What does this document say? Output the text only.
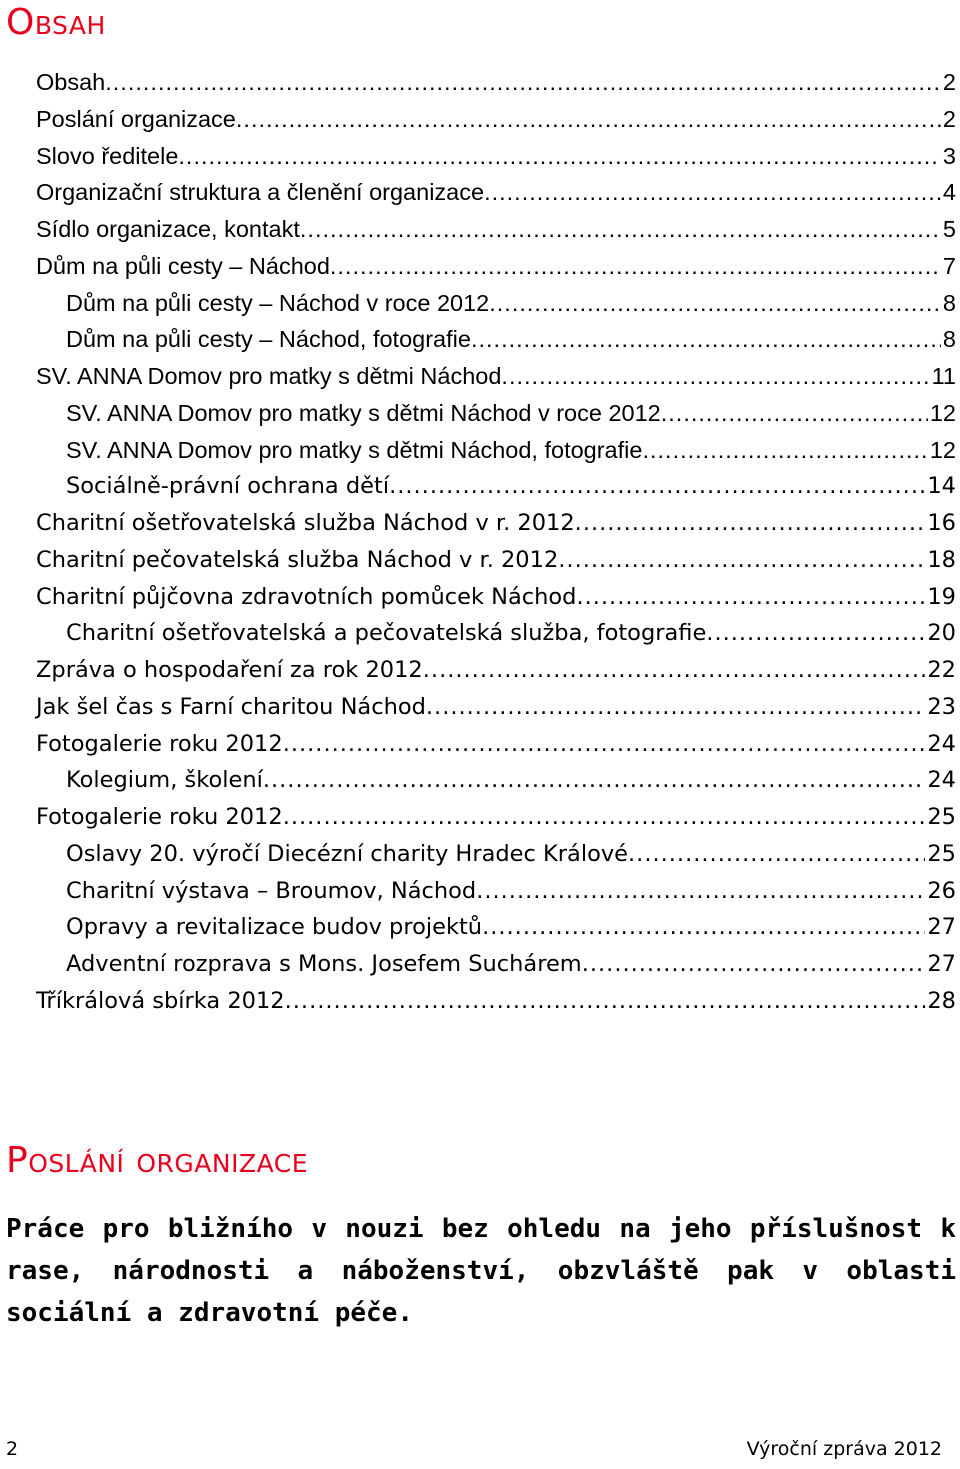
Obsah
Obsah .....	2
Poslání organizace .....	2
Slovo ředitele .....	3
Organizační struktura a členění organizace .....	4
Sídlo organizace, kontakt .....	5
Dům na půli cesty – Náchod .....	7
Dům na půli cesty – Náchod v roce 2012 .....	8
Dům na půli cesty – Náchod, fotografie .....	8
SV. ANNA Domov pro matky s dětmi Náchod .....	11
SV. ANNA Domov pro matky s dětmi Náchod v roce 2012 .....	12
SV. ANNA Domov pro matky s dětmi Náchod, fotografie .....	12
Sociálně-právní ochrana dětí .....	14
Charitní ošetřovatelská služba Náchod v r. 2012 .....	16
Charitní pečovatelská služba Náchod v r. 2012 .....	18
Charitní půjčovna zdravotních pomůcek Náchod .....	19
Charitní ošetřovatelská a pečovatelská služba, fotografie .....	20
Zpráva o hospodaření za rok 2012 .....	22
Jak šel čas s Farní charitou Náchod .....	23
Fotogalerie roku 2012 .....	24
Kolegium, školení .....	24
Fotogalerie roku 2012 .....	25
Oslavy 20. výročí Diecézní charity Hradec Králové .....	25
Charitní výstava – Broumov, Náchod .....	26
Opravy a revitalizace budov projektů .....	27
Adventní rozprava s Mons. Josefem Suchárem .....	27
Tříkrálová sbírka 2012 .....	28
Poslání organizace

Práce pro bližního v nouzi bez ohledu na jeho příslušnost k rase, národnosti a náboženství, obzvláště pak v oblasti sociální a zdravotní péče.

2	Výroční zpráva 2012
